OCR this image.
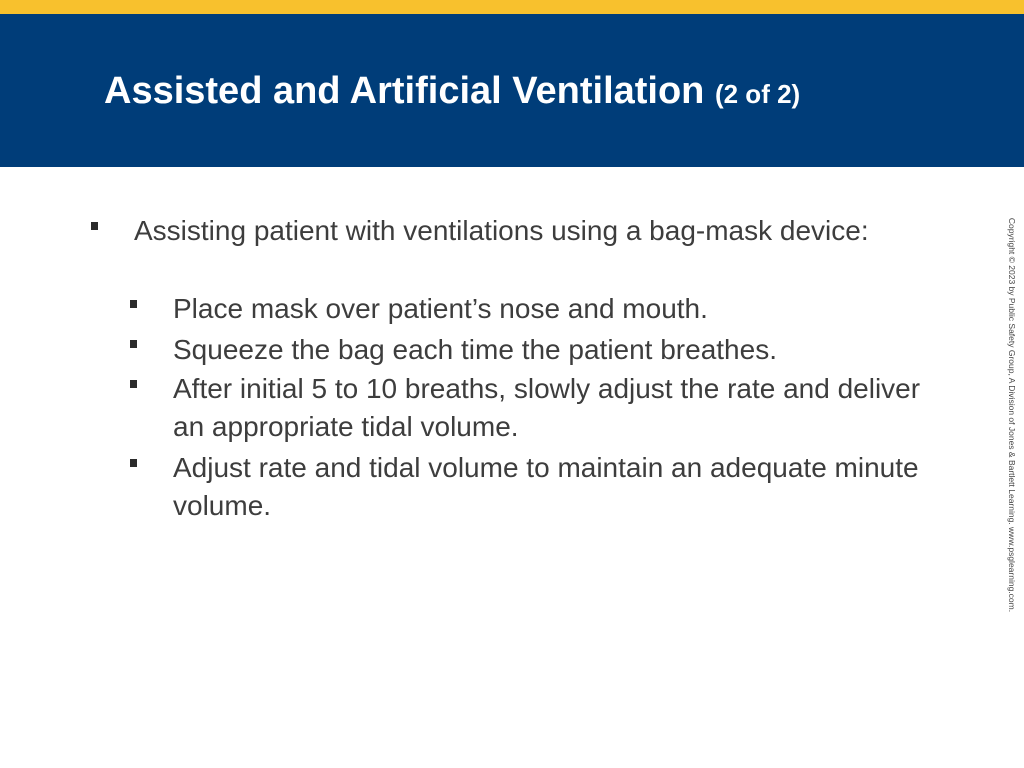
Assisted and Artificial Ventilation (2 of 2)
Assisting patient with ventilations using a bag-mask device:
Place mask over patient’s nose and mouth.
Squeeze the bag each time the patient breathes.
After initial 5 to 10 breaths, slowly adjust the rate and deliver an appropriate tidal volume.
Adjust rate and tidal volume to maintain an adequate minute volume.	Copyright © 2023 by Public Safety Group, A Division of Jones & Bartlett Learning. www.psglearning.com.
